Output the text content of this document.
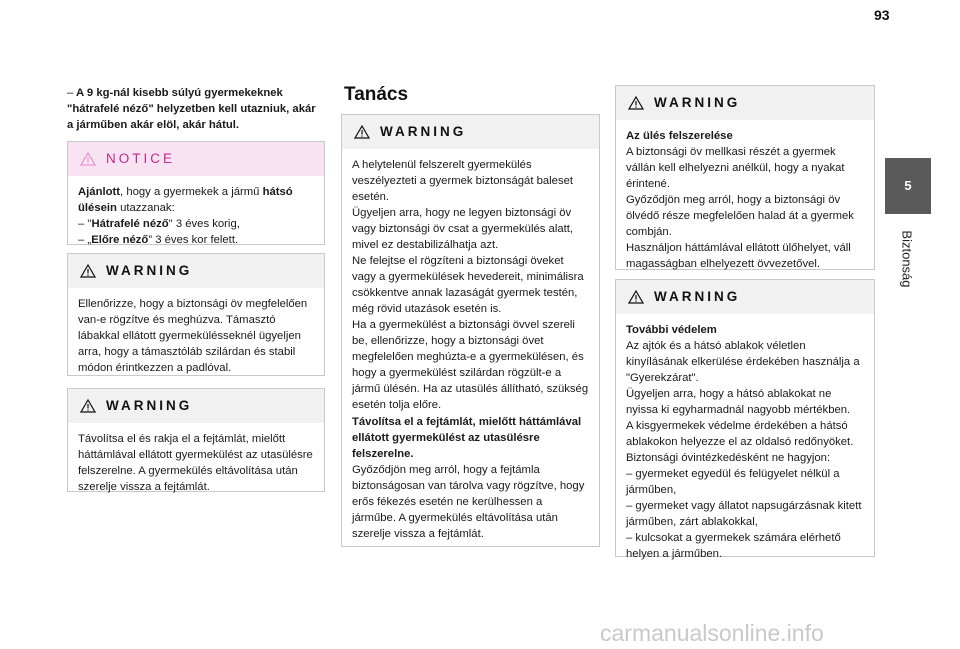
93
5
Biztonság
– A 9 kg-nál kisebb súlyú gyermekeknek "hátrafelé néző" helyzetben kell utazniuk, akár a járműben akár elöl, akár hátul.
NOTICE

Ajánlott, hogy a gyermekek a jármű hátsó ülésein utazzanak:

– "Hátrafelé néző" 3 éves korig,

– „Előre néző” 3 éves kor felett.

WARNING

Ellenőrizze, hogy a biztonsági öv megfelelően van-e rögzítve és meghúzva. Támasztó lábakkal ellátott gyermekülésseknél ügyeljen arra, hogy a támasztóláb szilárdan és stabil módon érintkezzen a padlóval.

WARNING

Távolítsa el és rakja el a fejtámlát, mielőtt háttámlával ellátott gyermekülést az utasülésre felszerelne. A gyermekülés eltávolítása után szerelje vissza a fejtámlát.

Tanács
WARNING

A helytelenül felszerelt gyermekülés veszélyezteti a gyermek biztonságát baleset esetén.

Ügyeljen arra, hogy ne legyen biztonsági öv vagy biztonsági öv csat a gyermekülés alatt, mivel ez destabilizálhatja azt.

Ne felejtse el rögzíteni a biztonsági öveket vagy a gyermekülések hevedereit, minimálisra csökkentve annak lazaságát gyermek testén, még rövid utazások esetén is.

Ha a gyermekülést a biztonsági övvel szereli be, ellenőrizze, hogy a biztonsági övet megfelelően meghúzta-e a gyermekülésen, és hogy a gyermekülést szilárdan rögzült-e a jármű ülésén. Ha az utasülés állítható, szükség esetén tolja előre.

Távolítsa el a fejtámlát, mielőtt háttámlával ellátott gyermekülést az utasülésre felszerelne.

Győződjön meg arról, hogy a fejtámla biztonságosan van tárolva vagy rögzítve, hogy erős fékezés esetén ne kerülhessen a járműbe. A gyermekülés eltávolítása után szerelje vissza a fejtámlát.

WARNING

Az ülés felszerelése

A biztonsági öv mellkasi részét a gyermek vállán kell elhelyezni anélkül, hogy a nyakat érintené.

Győződjön meg arról, hogy a biztonsági öv ölvédő része megfelelően halad át a gyermek combján.

Használjon háttámlával ellátott ülőhelyet, váll magasságban elhelyezett övvezetővel.

WARNING

További védelem

Az ajtók és a hátsó ablakok véletlen kinyílásának elkerülése érdekében használja a "Gyerekzárat".

Ügyeljen arra, hogy a hátsó ablakokat ne nyissa ki egyharmadnál nagyobb mértékben.

A kisgyermekek védelme érdekében a hátsó ablakokon helyezze el az oldalsó redőnyöket.

Biztonsági óvintézkedésként ne hagyjon:

– gyermeket egyedül és felügyelet nélkül a járműben,

– gyermeket vagy állatot napsugárzásnak kitett járműben, zárt ablakokkal,

– kulcsokat a gyermekek számára elérhető helyen a járműben.

carmanualsonline.info
